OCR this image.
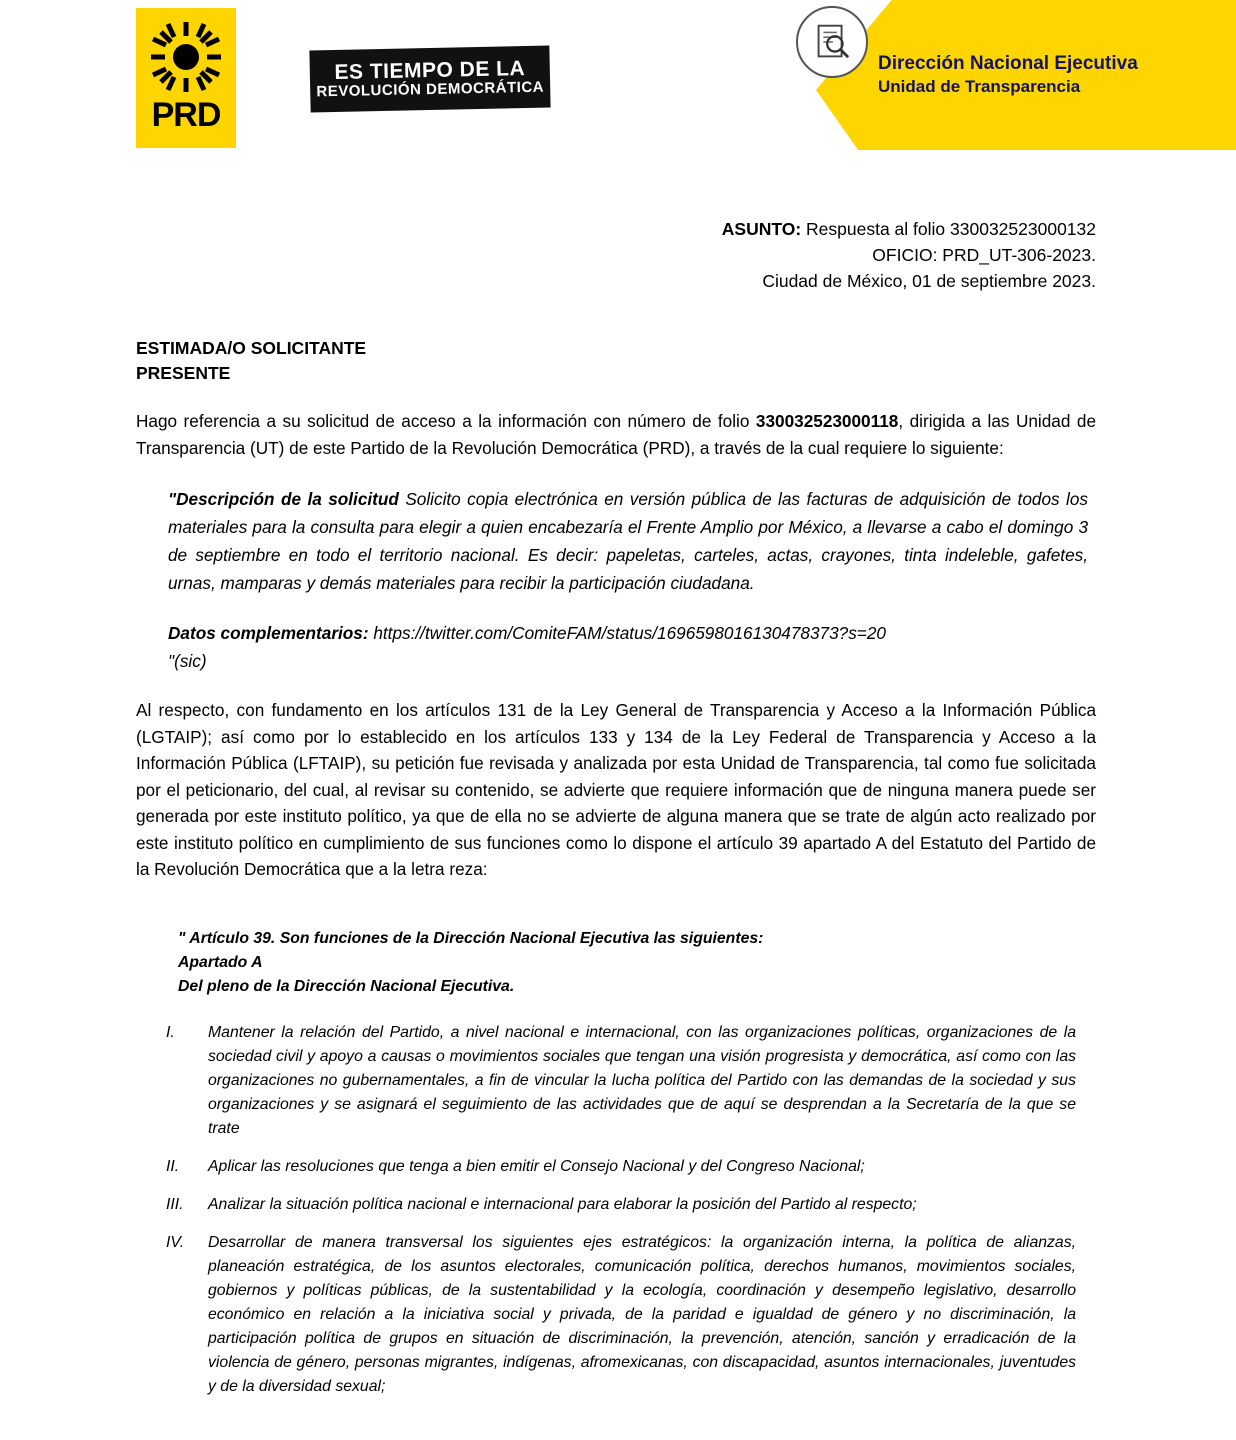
PRD
ES TIEMPO DE LA
REVOLUCIÓN DEMOCRÁTICA
Dirección Nacional Ejecutiva
Unidad de Transparencia
ASUNTO: Respuesta al folio 330032523000132
OFICIO: PRD_UT-306-2023.
Ciudad de México, 01 de septiembre 2023.
ESTIMADA/O SOLICITANTE
PRESENTE

Hago referencia a su solicitud de acceso a la información con número de folio 330032523000118, dirigida a las Unidad de Transparencia (UT) de este Partido de la Revolución Democrática (PRD), a través de la cual requiere lo siguiente:

"Descripción de la solicitud Solicito copia electrónica en versión pública de las facturas de adquisición de todos los materiales para la consulta para elegir a quien encabezaría el Frente Amplio por México, a llevarse a cabo el domingo 3 de septiembre en todo el territorio nacional. Es decir: papeletas, carteles, actas, crayones, tinta indeleble, gafetes, urnas, mamparas y demás materiales para recibir la participación ciudadana.

Datos complementarios: https://twitter.com/ComiteFAM/status/1696598016130478373?s=20
"(sic)

Al respecto, con fundamento en los artículos 131 de la Ley General de Transparencia y Acceso a la Información Pública (LGTAIP); así como por lo establecido en los artículos 133 y 134 de la Ley Federal de Transparencia y Acceso a la Información Pública (LFTAIP), su petición fue revisada y analizada por esta Unidad de Transparencia, tal como fue solicitada por el peticionario, del cual, al revisar su contenido, se advierte que requiere información que de ninguna manera puede ser generada por este instituto político, ya que de ella no se advierte de alguna manera que se trate de algún acto realizado por este instituto político en cumplimiento de sus funciones como lo dispone el artículo 39 apartado A del Estatuto del Partido de la Revolución Democrática que a la letra reza:

" Artículo 39. Son funciones de la Dirección Nacional Ejecutiva las siguientes:
Apartado A
Del pleno de la Dirección Nacional Ejecutiva.
I.	Mantener la relación del Partido, a nivel nacional e internacional, con las organizaciones políticas, organizaciones de la sociedad civil y apoyo a causas o movimientos sociales que tengan una visión progresista y democrática, así como con las organizaciones no gubernamentales, a fin de vincular la lucha política del Partido con las demandas de la sociedad y sus organizaciones y se asignará el seguimiento de las actividades que de aquí se desprendan a la Secretaría de la que se trate
II.	Aplicar las resoluciones que tenga a bien emitir el Consejo Nacional y del Congreso Nacional;
III.	Analizar la situación política nacional e internacional para elaborar la posición del Partido al respecto;
IV.	Desarrollar de manera transversal los siguientes ejes estratégicos: la organización interna, la política de alianzas, planeación estratégica, de los asuntos electorales, comunicación política, derechos humanos, movimientos sociales, gobiernos y políticas públicas, de la sustentabilidad y la ecología, coordinación y desempeño legislativo, desarrollo económico en relación a la iniciativa social y privada, de la paridad e igualdad de género y no discriminación, la participación política de grupos en situación de discriminación, la prevención, atención, sanción y erradicación de la violencia de género, personas migrantes, indígenas, afromexicanas, con discapacidad, asuntos internacionales, juventudes y de la diversidad sexual;
